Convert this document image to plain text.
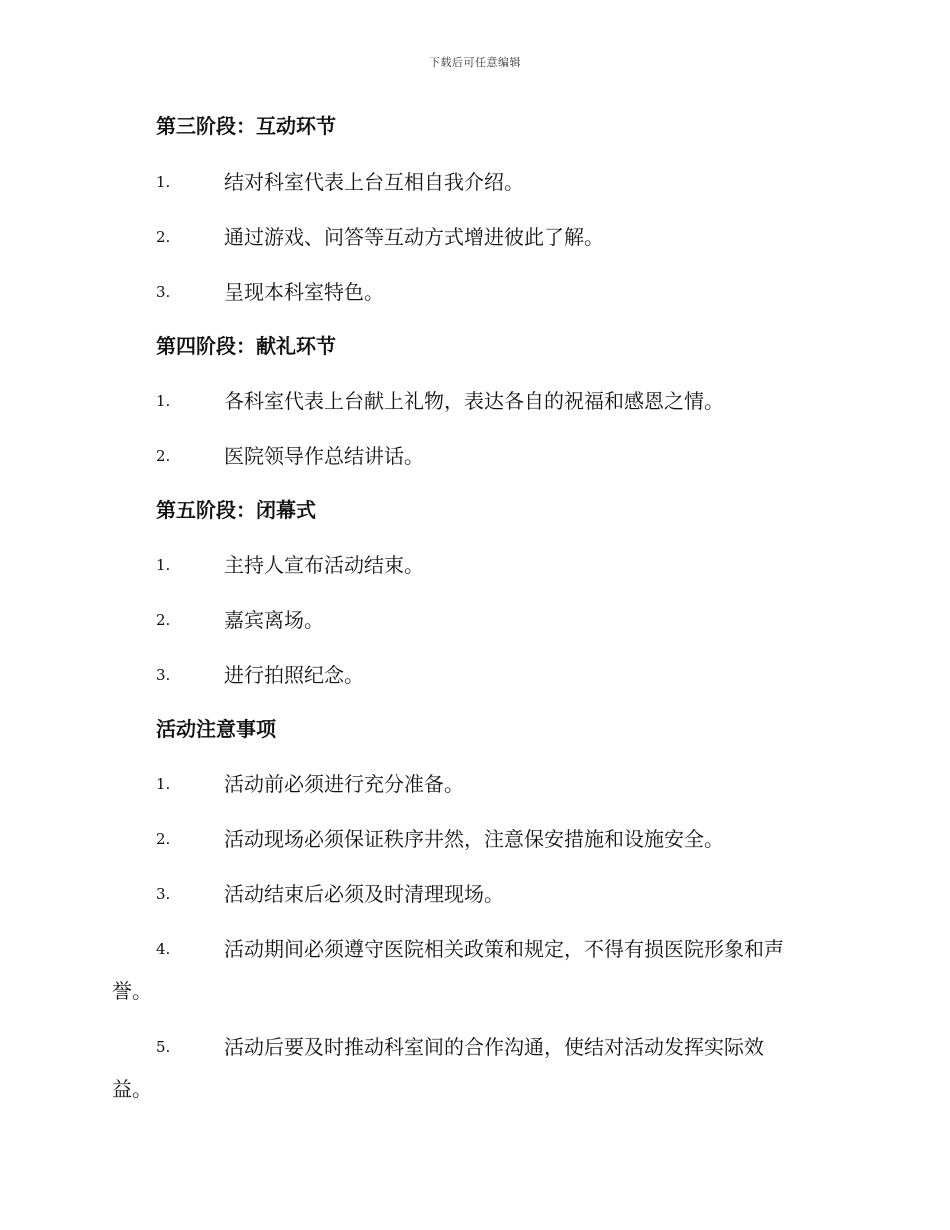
下载后可任意编辑
第三阶段：互动环节
1.	结对科室代表上台互相自我介绍。
2.	通过游戏、问答等互动方式增进彼此了解。
3.	呈现本科室特色。
第四阶段：献礼环节
1.	各科室代表上台献上礼物，表达各自的祝福和感恩之情。
2.	医院领导作总结讲话。
第五阶段：闭幕式
1.	主持人宣布活动结束。
2.	嘉宾离场。
3.	进行拍照纪念。
活动注意事项
1.	活动前必须进行充分准备。
2.	活动现场必须保证秩序井然，注意保安措施和设施安全。
3.	活动结束后必须及时清理现场。
4.	活动期间必须遵守医院相关政策和规定，不得有损医院形象和声
誉。
5.	活动后要及时推动科室间的合作沟通，使结对活动发挥实际效
益。
